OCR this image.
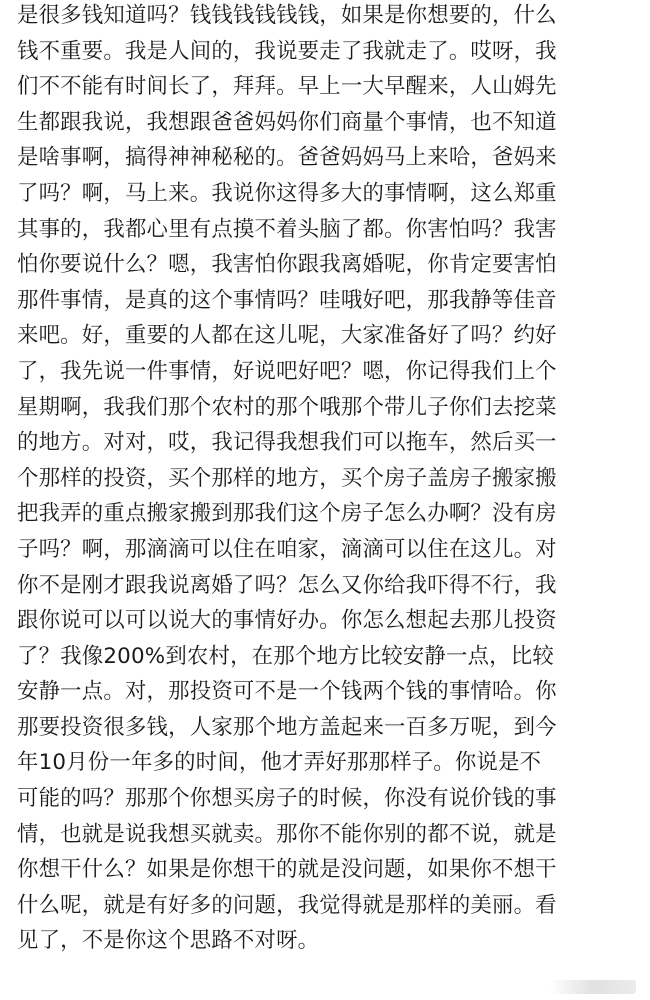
是很多钱知道吗？钱钱钱钱钱钱，如果是你想要的，什么
钱不重要。我是人间的，我说要走了我就走了。哎呀，我
们不不能有时间长了，拜拜。早上一大早醒来，人山姆先
生都跟我说，我想跟爸爸妈妈你们商量个事情，也不知道
是啥事啊，搞得神神秘秘的。爸爸妈妈马上来哈，爸妈来
了吗？啊，马上来。我说你这得多大的事情啊，这么郑重
其事的，我都心里有点摸不着头脑了都。你害怕吗？我害
怕你要说什么？嗯，我害怕你跟我离婚呢，你肯定要害怕
那件事情，是真的这个事情吗？哇哦好吧，那我静等佳音
来吧。好，重要的人都在这儿呢，大家准备好了吗？约好
了，我先说一件事情，好说吧好吧？嗯，你记得我们上个
星期啊，我我们那个农村的那个哦那个带儿子你们去挖菜
的地方。对对，哎，我记得我想我们可以拖车，然后买一
个那样的投资，买个那样的地方，买个房子盖房子搬家搬
把我弄的重点搬家搬到那我们这个房子怎么办啊？没有房
子吗？啊，那滴滴可以住在咱家，滴滴可以住在这儿。对
你不是刚才跟我说离婚了吗？怎么又你给我吓得不行，我
跟你说可以可以说大的事情好办。你怎么想起去那儿投资
了？我像200%到农村，在那个地方比较安静一点，比较
安静一点。对，那投资可不是一个钱两个钱的事情哈。你
那要投资很多钱，人家那个地方盖起来一百多万呢，到今
年10月份一年多的时间，他才弄好那那样子。你说是不
可能的吗？那那个你想买房子的时候，你没有说价钱的事
情，也就是说我想买就卖。那你不能你别的都不说，就是
你想干什么？如果是你想干的就是没问题，如果你不想干
什么呢，就是有好多的问题，我觉得就是那样的美丽。看
见了，不是你这个思路不对呀。
